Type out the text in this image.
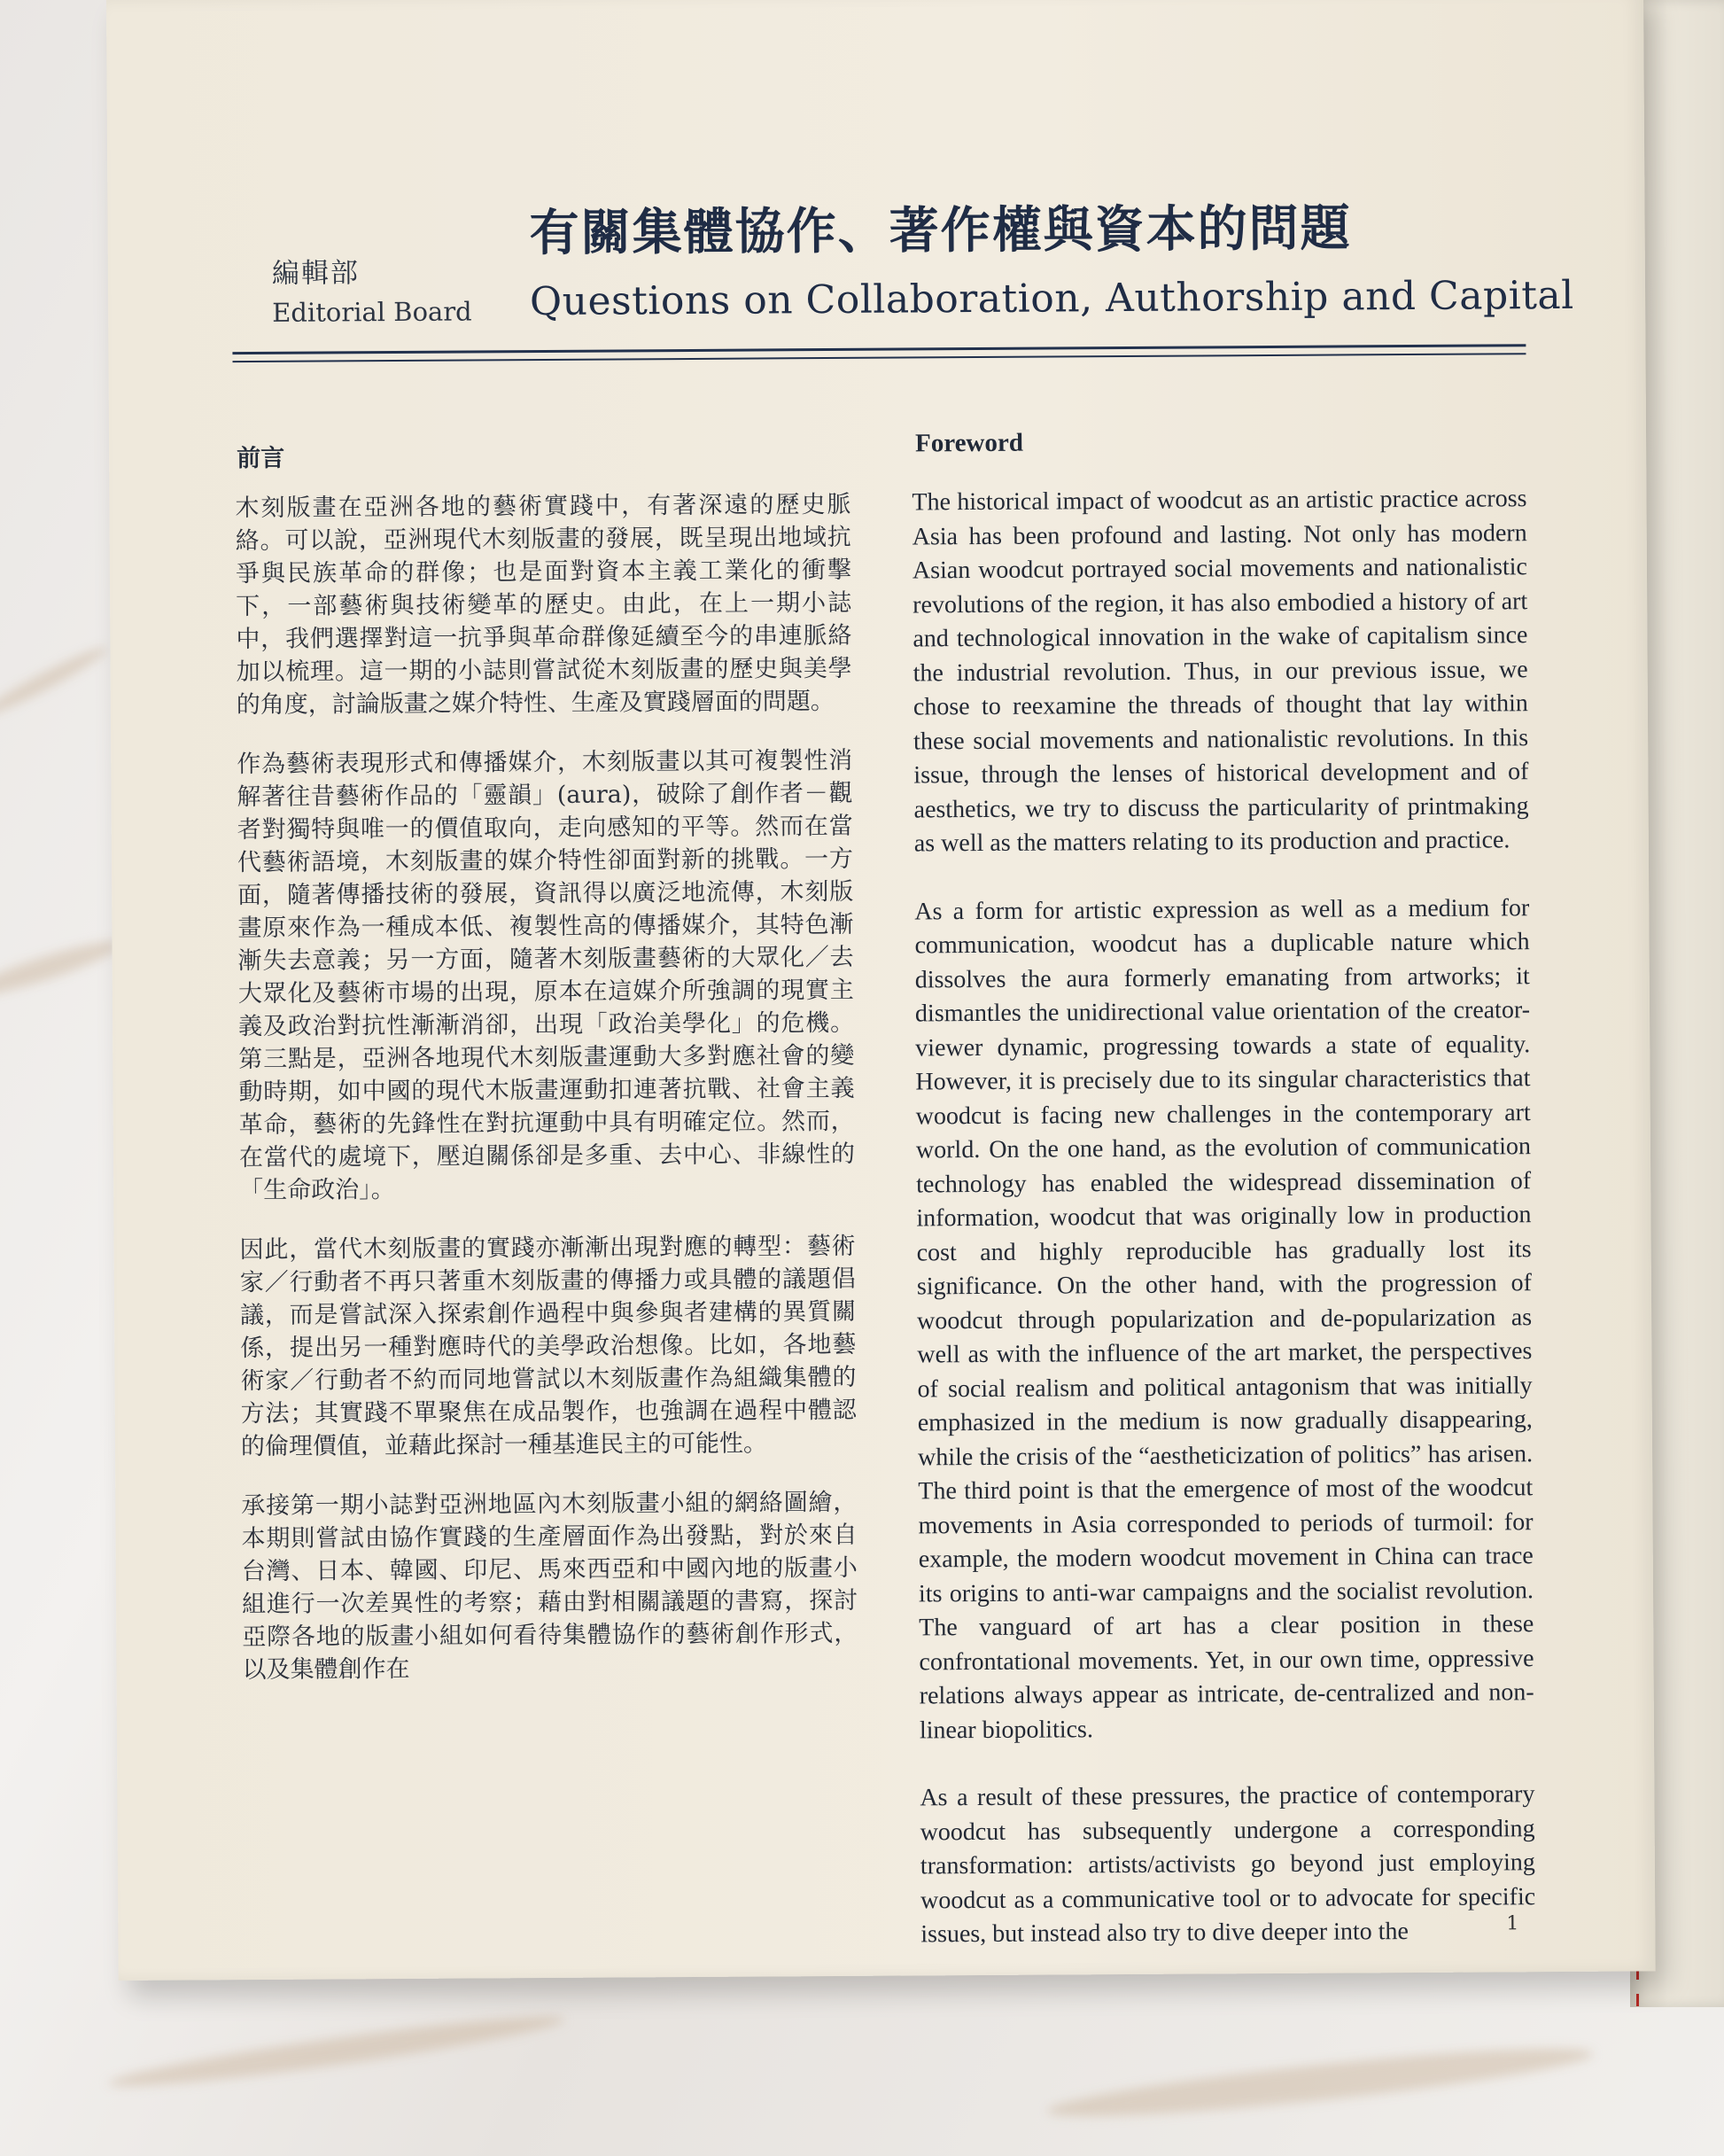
編輯部
Editorial Board
有關集體協作、著作權與資本的問題
Questions on Collaboration, Authorship and Capital
前言
Foreword

木刻版畫在亞洲各地的藝術實踐中，有著深遠的歷史脈絡。可以說，亞洲現代木刻版畫的發展，既呈現出地域抗爭與民族革命的群像；也是面對資本主義工業化的衝擊下，一部藝術與技術變革的歷史。由此，在上一期小誌中，我們選擇對這一抗爭與革命群像延續至今的串連脈絡加以梳理。這一期的小誌則嘗試從木刻版畫的歷史與美學的角度，討論版畫之媒介特性、生產及實踐層面的問題。

作為藝術表現形式和傳播媒介，木刻版畫以其可複製性消解著往昔藝術作品的「靈韻」(aura)，破除了創作者－觀者對獨特與唯一的價值取向，走向感知的平等。然而在當代藝術語境，木刻版畫的媒介特性卻面對新的挑戰。一方面，隨著傳播技術的發展，資訊得以廣泛地流傳，木刻版畫原來作為一種成本低、複製性高的傳播媒介，其特色漸漸失去意義；另一方面，隨著木刻版畫藝術的大眾化／去大眾化及藝術市場的出現，原本在這媒介所強調的現實主義及政治對抗性漸漸消卻，出現「政治美學化」的危機。第三點是，亞洲各地現代木刻版畫運動大多對應社會的變動時期，如中國的現代木版畫運動扣連著抗戰、社會主義革命，藝術的先鋒性在對抗運動中具有明確定位。然而，在當代的處境下，壓迫關係卻是多重、去中心、非線性的「生命政治」。

因此，當代木刻版畫的實踐亦漸漸出現對應的轉型：藝術家／行動者不再只著重木刻版畫的傳播力或具體的議題倡議，而是嘗試深入探索創作過程中與參與者建構的異質關係，提出另一種對應時代的美學政治想像。比如，各地藝術家／行動者不約而同地嘗試以木刻版畫作為組織集體的方法；其實踐不單聚焦在成品製作，也強調在過程中體認的倫理價值，並藉此探討一種基進民主的可能性。

承接第一期小誌對亞洲地區內木刻版畫小組的網絡圖繪，本期則嘗試由協作實踐的生產層面作為出發點，對於來自台灣、日本、韓國、印尼、馬來西亞和中國內地的版畫小組進行一次差異性的考察；藉由對相關議題的書寫，探討亞際各地的版畫小組如何看待集體協作的藝術創作形式，以及集體創作在

The historical impact of woodcut as an artistic practice across Asia has been profound and lasting. Not only has modern Asian woodcut portrayed social movements and nationalistic revolutions of the region, it has also embodied a history of art and technological innovation in the wake of capitalism since the industrial revolution. Thus, in our previous issue, we chose to reexamine the threads of thought that lay within these social movements and nationalistic revolutions. In this issue, through the lenses of historical development and of aesthetics, we try to discuss the particularity of printmaking as well as the matters relating to its production and practice.

As a form for artistic expression as well as a medium for communication, woodcut has a duplicable nature which dissolves the aura formerly emanating from artworks; it dismantles the unidirectional value orientation of the creator-viewer dynamic, progressing towards a state of equality. However, it is precisely due to its singular characteristics that woodcut is facing new challenges in the contemporary art world. On the one hand, as the evolution of communication technology has enabled the widespread dissemination of information, woodcut that was originally low in production cost and highly reproducible has gradually lost its significance. On the other hand, with the progression of woodcut through popularization and de-popularization as well as with the influence of the art market, the perspectives of social realism and political antagonism that was initially emphasized in the medium is now gradually disappearing, while the crisis of the “aestheticization of politics” has arisen. The third point is that the emergence of most of the woodcut movements in Asia corresponded to periods of turmoil: for example, the modern woodcut movement in China can trace its origins to anti-war campaigns and the socialist revolution. The vanguard of art has a clear position in these confrontational movements. Yet, in our own time, oppressive relations always appear as intricate, de-centralized and non-linear biopolitics.

As a result of these pressures, the practice of contemporary woodcut has subsequently undergone a corresponding transformation: artists/activists go beyond just employing woodcut as a communicative tool or to advocate for specific issues, but instead also try to dive deeper into the	1
